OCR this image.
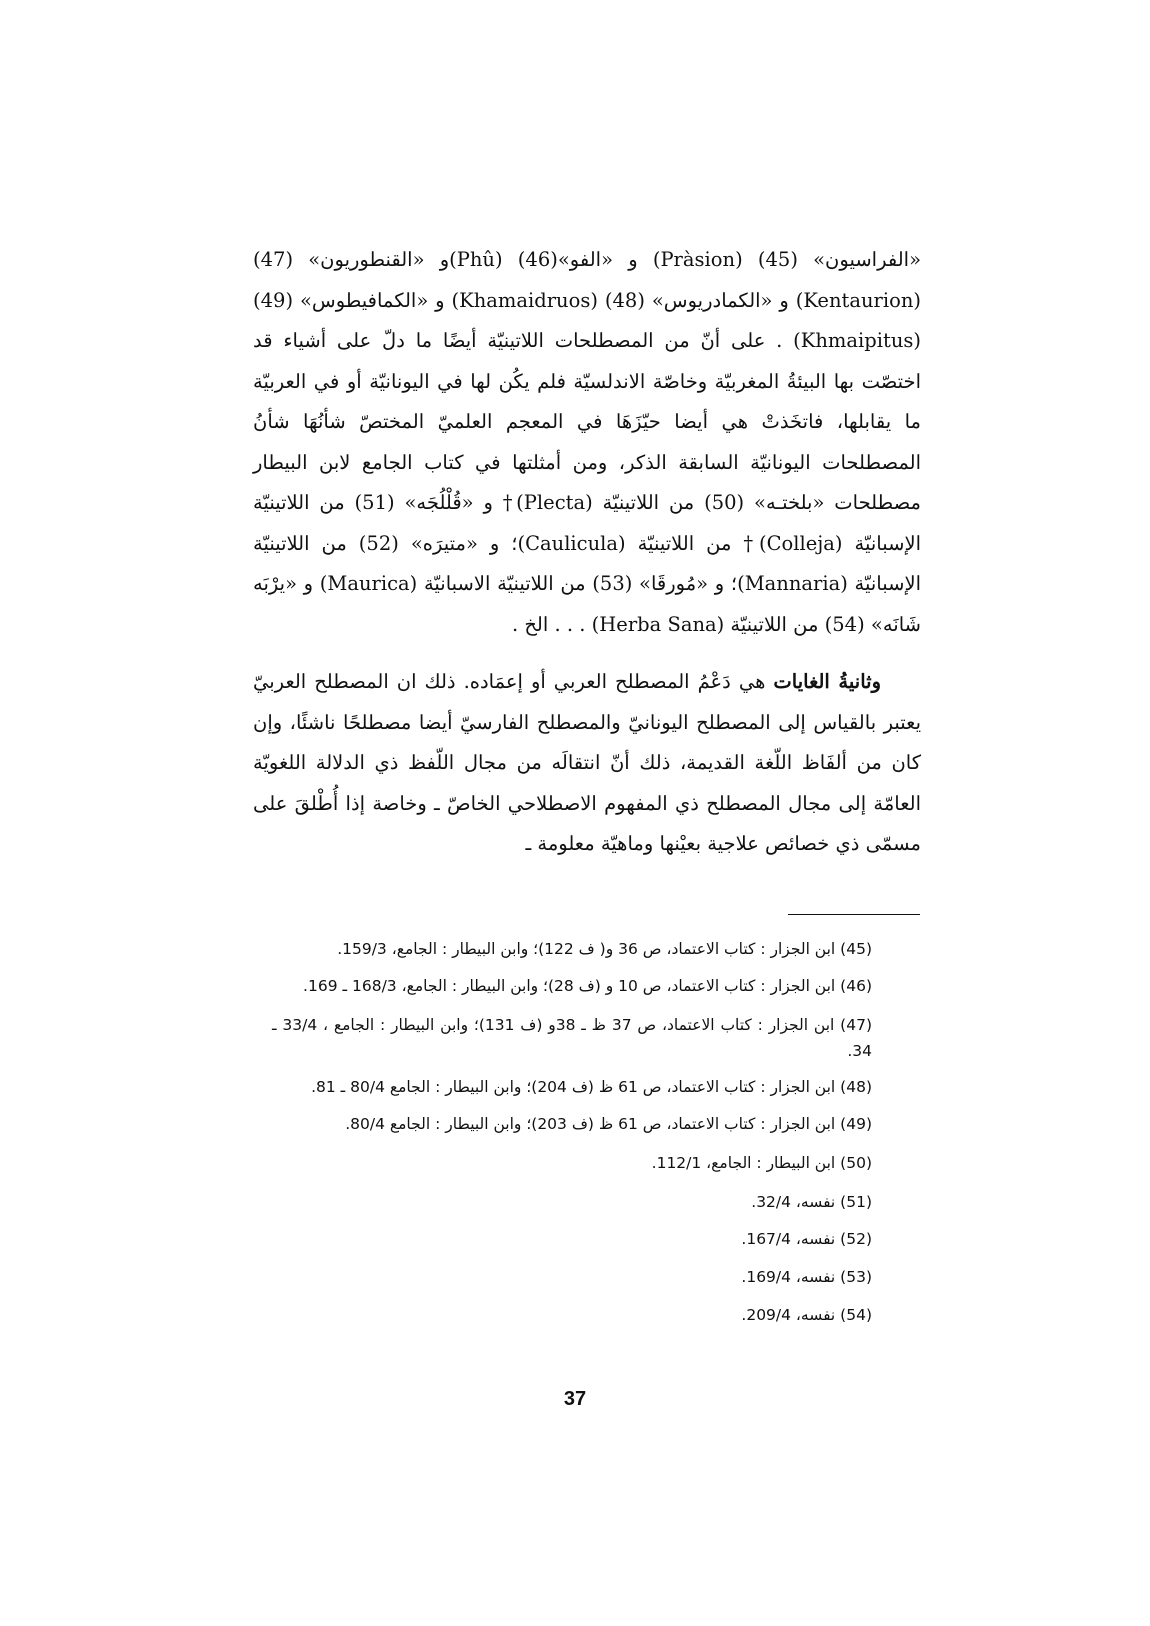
«الفراسيون» (45) (Pràsion) و «الفو»(46) (Phû)و «القنطوريون» (47) (Kentaurion) و «الكمادريوس» (48) (Khamaidruos) و «الكمافيطوس» (49) (Khmaipitus) . على أنّ من المصطلحات اللاتينيّة أيضًا ما دلّ على أشياء قد اختصّت بها البيئةُ المغربيّة وخاصّة الاندلسيّة فلم يكُن لها في اليونانيّة أو في العربيّة ما يقابلها، فاتخَذتْ هي أيضا حيّزَهَا في المعجم العلميّ المختصّ شأنُهَا شأنُ المصطلحات اليونانيّة السابقة الذكر، ومن أمثلتها في كتاب الجامع لابن البيطار مصطلحات «بلختـه» (50) من اللاتينيّة (Plecta)† و «قُلْلُجَه» (51) من اللاتينيّة الإسبانيّة (Colleja)† من اللاتينيّة (Caulicula)؛ و «متيرَه» (52) من اللاتينيّة الإسبانيّة (Mannaria)؛ و «مُورقَا» (53) من اللاتينيّة الاسبانيّة (Maurica) و «يرْبَه شَانَه» (54) من اللاتينيّة (Herba Sana) . . . الخ .

وثانيةُ الغايات هي دَعْمُ المصطلح العربي أو إعمَاده. ذلك ان المصطلح العربيّ يعتبر بالقياس إلى المصطلح اليونانيّ والمصطلح الفارسيّ أيضا مصطلحًا ناشئًا، وإن كان من ألفَاظ اللّغة القديمة، ذلك أنّ انتقالَه من مجال اللّفظ ذي الدلالة اللغويّة العامّة إلى مجال المصطلح ذي المفهوم الاصطلاحي الخاصّ ـ وخاصة إذا أُطْلقَ على مسمّى ذي خصائص علاجية بعيْنها وماهيّة معلومة ـ

(45) ابن الجزار : كتاب الاعتماد، ص 36 و( ف 122)؛ وابن البيطار : الجامع، 159/3.
(46) ابن الجزار : كتاب الاعتماد، ص 10 و (ف 28)؛ وابن البيطار : الجامع، 168/3 ـ 169.
(47) ابن الجزار : كتاب الاعتماد، ص 37 ظ ـ 38و (ف 131)؛ وابن البيطار : الجامع ، 33/4 ـ 34.
(48) ابن الجزار : كتاب الاعتماد، ص 61 ظ (ف 204)؛ وابن البيطار : الجامع 80/4 ـ 81.
(49) ابن الجزار : كتاب الاعتماد، ص 61 ظ (ف 203)؛ وابن البيطار : الجامع 80/4.
(50) ابن البيطار : الجامع، 112/1.
(51) نفسه، 32/4.
(52) نفسه، 167/4.
(53) نفسه، 169/4.
(54) نفسه، 209/4.
37
